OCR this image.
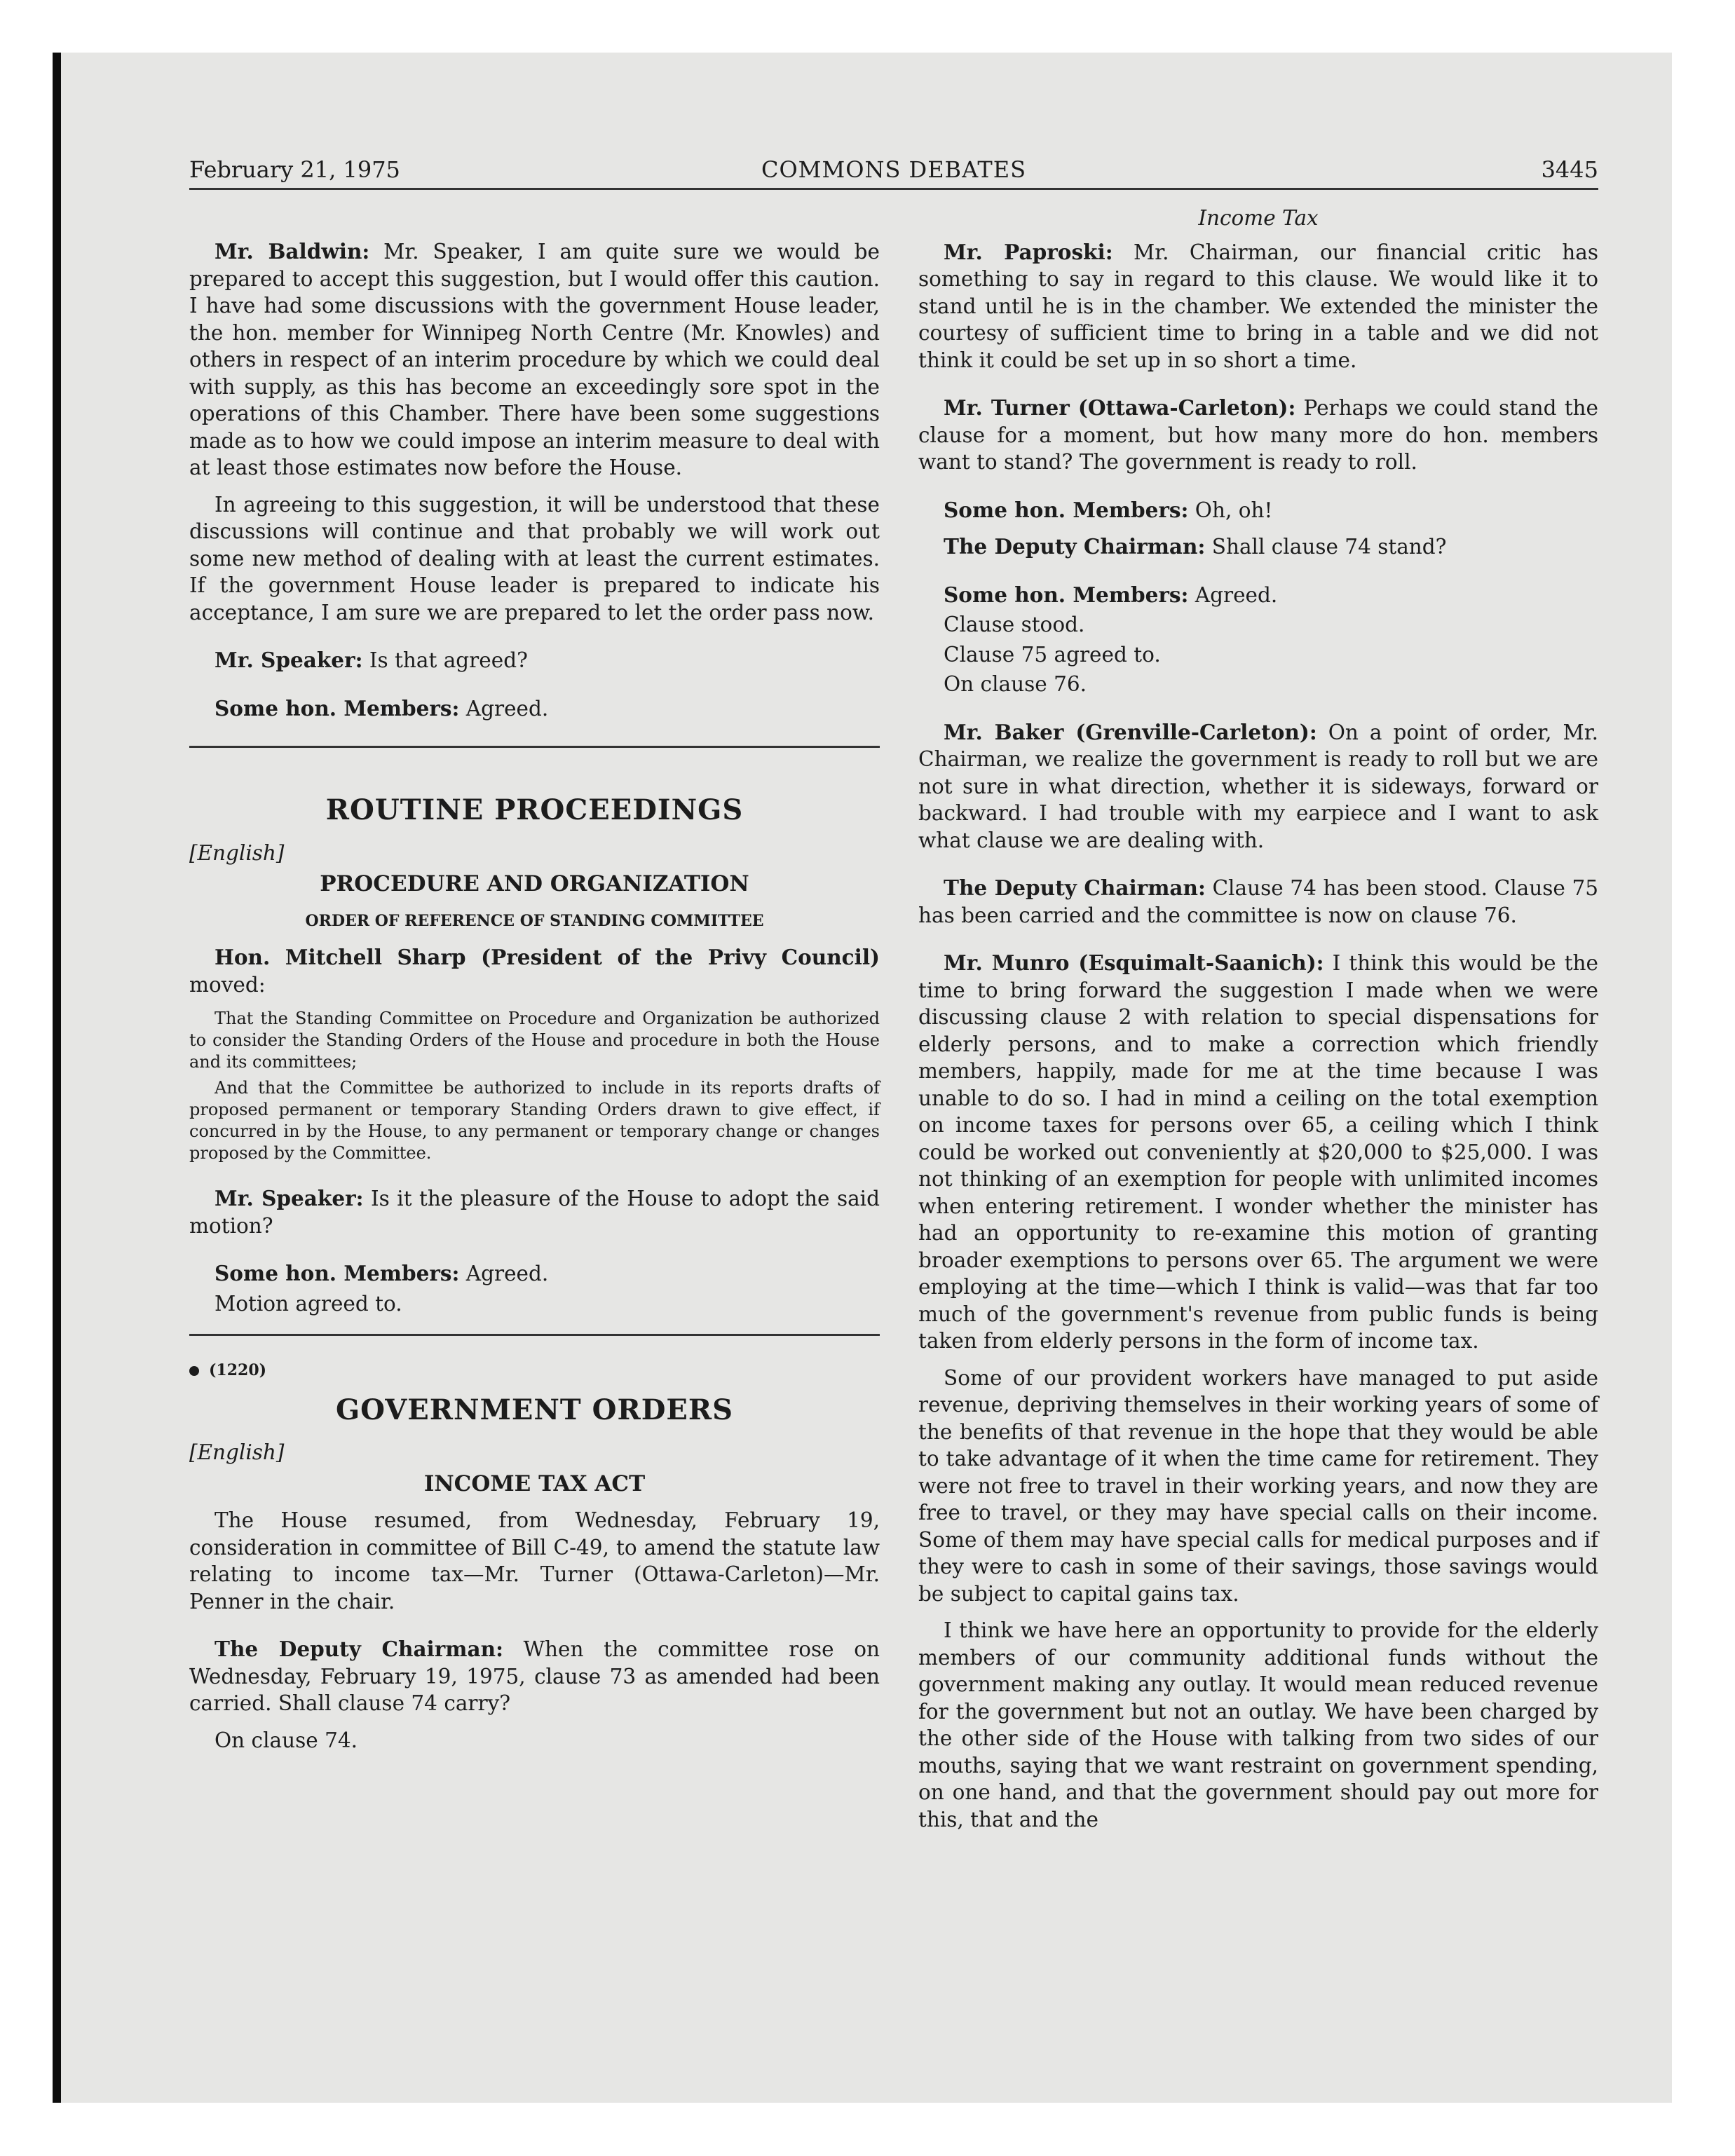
February 21, 1975	COMMONS DEBATES	3445

Mr. Baldwin: Mr. Speaker, I am quite sure we would be prepared to accept this suggestion, but I would offer this caution. I have had some discussions with the government House leader, the hon. member for Winnipeg North Centre (Mr. Knowles) and others in respect of an interim procedure by which we could deal with supply, as this has become an exceedingly sore spot in the operations of this Chamber. There have been some suggestions made as to how we could impose an interim measure to deal with at least those estimates now before the House.

In agreeing to this suggestion, it will be understood that these discussions will continue and that probably we will work out some new method of dealing with at least the current estimates. If the government House leader is prepared to indicate his acceptance, I am sure we are prepared to let the order pass now.

Mr. Speaker: Is that agreed?

Some hon. Members: Agreed.

ROUTINE PROCEEDINGS

[English]

PROCEDURE AND ORGANIZATION
ORDER OF REFERENCE OF STANDING COMMITTEE

Hon. Mitchell Sharp (President of the Privy Council) moved:

That the Standing Committee on Procedure and Organization be authorized to consider the Standing Orders of the House and procedure in both the House and its committees;

And that the Committee be authorized to include in its reports drafts of proposed permanent or temporary Standing Orders drawn to give effect, if concurred in by the House, to any permanent or temporary change or changes proposed by the Committee.

Mr. Speaker: Is it the pleasure of the House to adopt the said motion?

Some hon. Members: Agreed.

Motion agreed to.

(1220)
GOVERNMENT ORDERS

[English]

INCOME TAX ACT

The House resumed, from Wednesday, February 19, consideration in committee of Bill C-49, to amend the statute law relating to income tax—Mr. Turner (Ottawa-Carleton)—Mr. Penner in the chair.

The Deputy Chairman: When the committee rose on Wednesday, February 19, 1975, clause 73 as amended had been carried. Shall clause 74 carry?

On clause 74.

Income Tax

Mr. Paproski: Mr. Chairman, our financial critic has something to say in regard to this clause. We would like it to stand until he is in the chamber. We extended the minister the courtesy of sufficient time to bring in a table and we did not think it could be set up in so short a time.

Mr. Turner (Ottawa-Carleton): Perhaps we could stand the clause for a moment, but how many more do hon. members want to stand? The government is ready to roll.

Some hon. Members: Oh, oh!

The Deputy Chairman: Shall clause 74 stand?

Some hon. Members: Agreed.

Clause stood.

Clause 75 agreed to.

On clause 76.

Mr. Baker (Grenville-Carleton): On a point of order, Mr. Chairman, we realize the government is ready to roll but we are not sure in what direction, whether it is sideways, forward or backward. I had trouble with my earpiece and I want to ask what clause we are dealing with.

The Deputy Chairman: Clause 74 has been stood. Clause 75 has been carried and the committee is now on clause 76.

Mr. Munro (Esquimalt-Saanich): I think this would be the time to bring forward the suggestion I made when we were discussing clause 2 with relation to special dispensations for elderly persons, and to make a correction which friendly members, happily, made for me at the time because I was unable to do so. I had in mind a ceiling on the total exemption on income taxes for persons over 65, a ceiling which I think could be worked out conveniently at $20,000 to $25,000. I was not thinking of an exemption for people with unlimited incomes when entering retirement. I wonder whether the minister has had an opportunity to re-examine this motion of granting broader exemptions to persons over 65. The argument we were employing at the time—which I think is valid—was that far too much of the government's revenue from public funds is being taken from elderly persons in the form of income tax.

Some of our provident workers have managed to put aside revenue, depriving themselves in their working years of some of the benefits of that revenue in the hope that they would be able to take advantage of it when the time came for retirement. They were not free to travel in their working years, and now they are free to travel, or they may have special calls on their income. Some of them may have special calls for medical purposes and if they were to cash in some of their savings, those savings would be subject to capital gains tax.

I think we have here an opportunity to provide for the elderly members of our community additional funds without the government making any outlay. It would mean reduced revenue for the government but not an outlay. We have been charged by the other side of the House with talking from two sides of our mouths, saying that we want restraint on government spending, on one hand, and that the government should pay out more for this, that and the
